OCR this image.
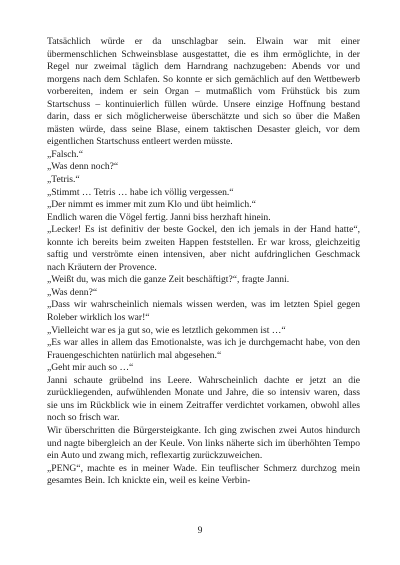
Tatsächlich würde er da unschlagbar sein. Elwain war mit einer übermenschlichen Schweinsblase ausgestattet, die es ihm ermöglichte, in der Regel nur zweimal täglich dem Harndrang nachzugeben: Abends vor und morgens nach dem Schlafen. So konnte er sich gemächlich auf den Wettbewerb vorbereiten, indem er sein Organ – mutmaßlich vom Frühstück bis zum Startschuss – kontinuierlich füllen würde. Unsere einzige Hoffnung bestand darin, dass er sich möglicherweise überschätzte und sich so über die Maßen mästen würde, dass seine Blase, einem taktischen Desaster gleich, vor dem eigentlichen Startschuss entleert werden müsste.

„Falsch.“

„Was denn noch?“

„Tetris.“

„Stimmt … Tetris … habe ich völlig vergessen.“

„Der nimmt es immer mit zum Klo und übt heimlich.“

Endlich waren die Vögel fertig. Janni biss herzhaft hinein.

„Lecker! Es ist definitiv der beste Gockel, den ich jemals in der Hand hatte“, konnte ich bereits beim zweiten Happen feststellen. Er war kross, gleichzeitig saftig und verströmte einen intensiven, aber nicht aufdringlichen Geschmack nach Kräutern der Provence.

„Weißt du, was mich die ganze Zeit beschäftigt?“, fragte Janni.

„Was denn?“

„Dass wir wahrscheinlich niemals wissen werden, was im letzten Spiel gegen Roleber wirklich los war!“

„Vielleicht war es ja gut so, wie es letztlich gekommen ist …“

„Es war alles in allem das Emotionalste, was ich je durchgemacht habe, von den Frauengeschichten natürlich mal abgesehen.“

„Geht mir auch so …“

Janni schaute grübelnd ins Leere. Wahrscheinlich dachte er jetzt an die zurückliegenden, aufwühlenden Monate und Jahre, die so intensiv waren, dass sie uns im Rückblick wie in einem Zeitraffer verdichtet vorkamen, obwohl alles noch so frisch war.

Wir überschritten die Bürgersteigkante. Ich ging zwischen zwei Autos hindurch und nagte bibergleich an der Keule. Von links näherte sich im überhöhten Tempo ein Auto und zwang mich, reflexartig zurückzuweichen.

„PENG“, machte es in meiner Wade. Ein teuflischer Schmerz durchzog mein gesamtes Bein. Ich knickte ein, weil es keine Verbin-

9
